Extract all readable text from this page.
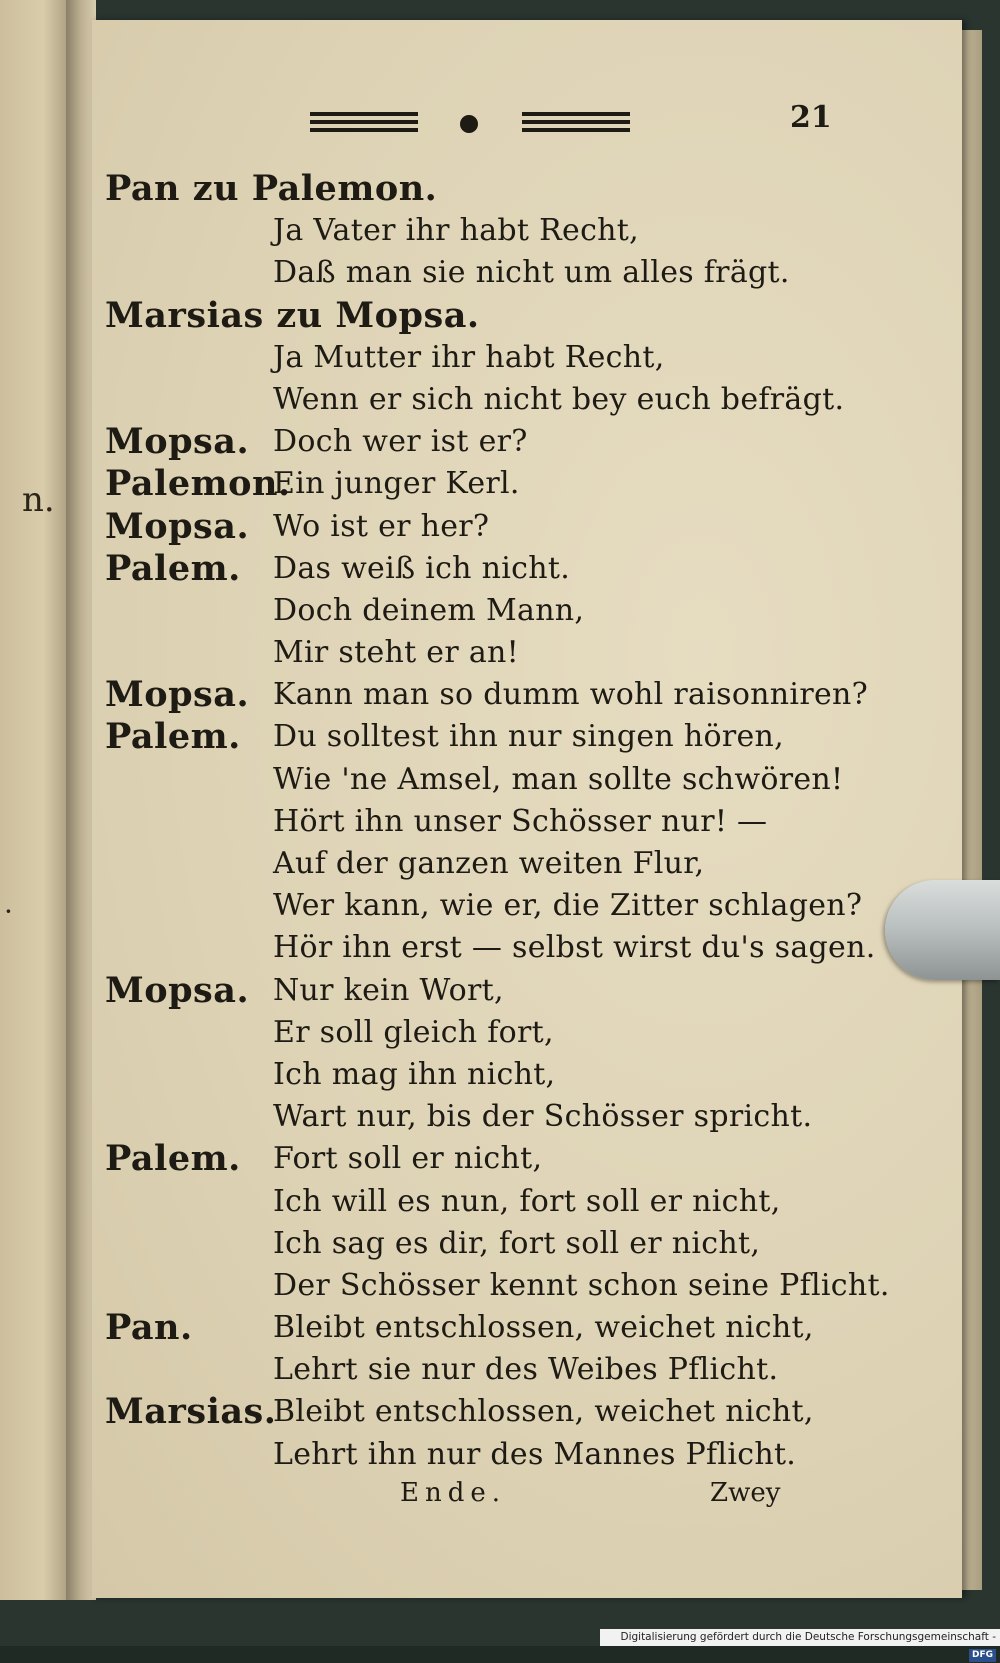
n.
·
21
Pan zu Palemon.
Ja Vater ihr habt Recht,
Daß man sie nicht um alles frägt.
Marsias zu Mopsa.
Ja Mutter ihr habt Recht,
Wenn er sich nicht bey euch befrägt.
Mopsa. Doch wer ist er?
Palemon.
Ein junger Kerl.
Mopsa. Wo ist er her?
Palem. Das weiß ich nicht.
Doch deinem Mann,
Mir steht er an!
Mopsa. Kann man so dumm wohl raisonniren?
Palem. Du solltest ihn nur singen hören,
Wie 'ne Amsel, man sollte schwören!
Hört ihn unser Schösser nur! —
Auf der ganzen weiten Flur,
Wer kann, wie er, die Zitter schlagen?
Hör ihn erst — selbst wirst du's sagen.
Mopsa. Nur kein Wort,
Er soll gleich fort,
Ich mag ihn nicht,
Wart nur, bis der Schösser spricht.
Palem. Fort soll er nicht,
Ich will es nun, fort soll er nicht,
Ich sag es dir, fort soll er nicht,
Der Schösser kennt schon seine Pflicht.
Pan.	Bleibt entschlossen, weichet nicht,
Lehrt sie nur des Weibes Pflicht.
Marsias.
Bleibt entschlossen, weichet nicht,
Lehrt ihn nur des Mannes Pflicht.
Ende.	Zwey
Digitalisierung gefördert durch die Deutsche Forschungsgemeinschaft -DFG
